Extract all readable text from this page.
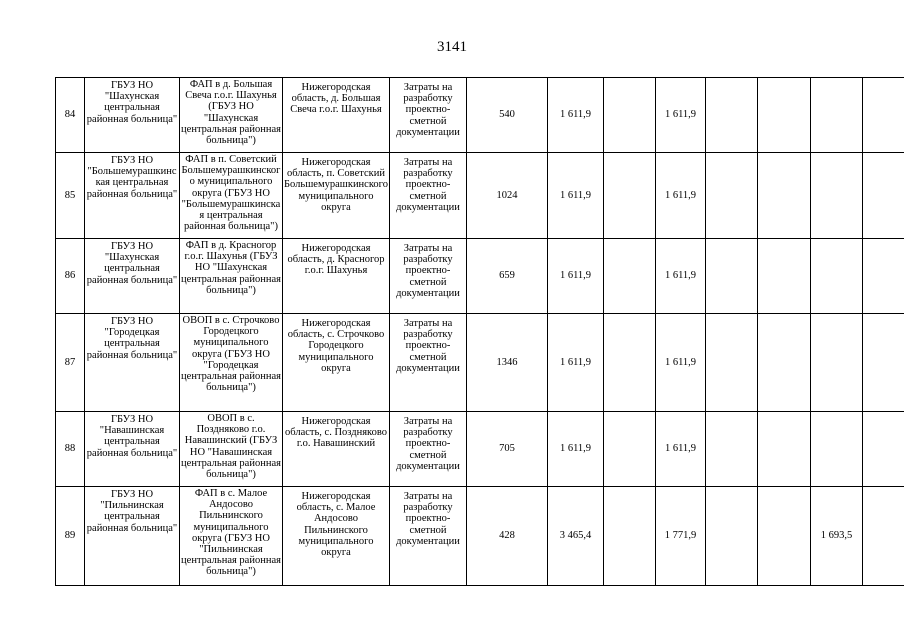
3141
84	ГБУЗ НО "Шахунская центральная районная больница"	ФАП в д. Большая Свеча г.о.г. Шахунья (ГБУЗ НО "Шахунская центральная районная больница")	Нижегородская область, д. Большая Свеча г.о.г. Шахунья	Затраты на разработку проектно-сметной документации	540	1 611,9		1 611,9				
85	ГБУЗ НО "Большемурашкинская центральная районная больница"	ФАП в п. Советский Большемурашкинского муниципального округа (ГБУЗ НО "Большемурашкинская центральная районная больница")	Нижегородская область, п. Советский Большемурашкинского муниципального округа	Затраты на разработку проектно-сметной документации	1024	1 611,9		1 611,9				
86	ГБУЗ НО "Шахунская центральная районная больница"	ФАП в д. Красногор г.о.г. Шахунья (ГБУЗ НО "Шахунская центральная районная больница")	Нижегородская область, д. Красногор г.о.г. Шахунья	Затраты на разработку проектно-сметной документации	659	1 611,9		1 611,9				
87	ГБУЗ НО "Городецкая центральная районная больница"	ОВОП в с. Строчково Городецкого муниципального округа (ГБУЗ НО "Городецкая центральная районная больница")	Нижегородская область, с. Строчково Городецкого муниципального округа	Затраты на разработку проектно-сметной документации	1346	1 611,9		1 611,9				
88	ГБУЗ НО "Навашинская центральная районная больница"	ОВОП в с. Поздняково г.о. Навашинский (ГБУЗ НО "Навашинская центральная районная больница")	Нижегородская область, с. Поздняково г.о. Навашинский	Затраты на разработку проектно-сметной документации	705	1 611,9		1 611,9				
89	ГБУЗ НО "Пильнинская центральная районная больница"	ФАП в с. Малое Андосово Пильнинского муниципального округа (ГБУЗ НО "Пильнинская центральная районная больница")	Нижегородская область, с. Малое Андосово Пильнинского муниципального округа	Затраты на разработку проектно-сметной документации	428	3 465,4		1 771,9			1 693,5	
